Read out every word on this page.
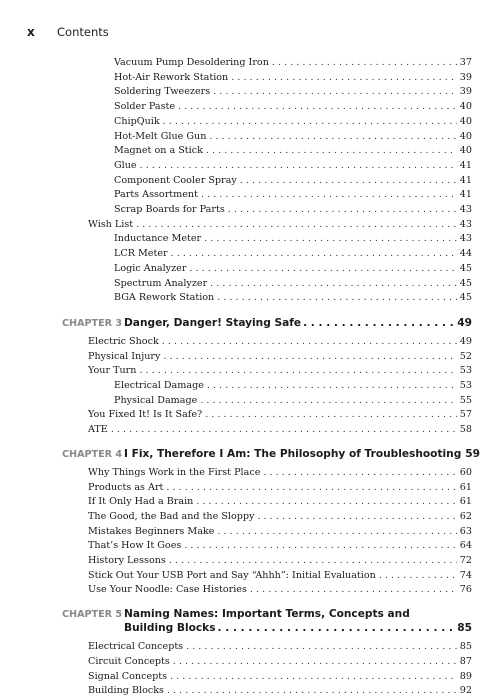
x	Contents
Vacuum Pump Desoldering Iron . . .	37
Hot-Air Rework Station . . .	39
Soldering Tweezers . . .	39
Solder Paste . . .	40
ChipQuik . . .	40
Hot-Melt Glue Gun . . .	40
Magnet on a Stick . . .	40
Glue . . .	41
Component Cooler Spray . . .	41
Parts Assortment . . .	41
Scrap Boards for Parts . . .	43
Wish List . . .	43
Inductance Meter . . .	43
LCR Meter . . .	44
Logic Analyzer . . .	45
Spectrum Analyzer . . .	45
BGA Rework Station . . .	45
CHAPTER 3 Danger, Danger! Staying Safe . . .	49
Electric Shock . . .	49
Physical Injury . . .	52
Your Turn . . .	53
Electrical Damage . . .	53
Physical Damage . . .	55
You Fixed It! Is It Safe? . . .	57
ATE . . .	58
CHAPTER 4 I Fix, Therefore I Am: The Philosophy of Troubleshooting 59
Why Things Work in the First Place . . .	60
Products as Art . . .	61
If It Only Had a Brain . . .	61
The Good, the Bad and the Sloppy . . .	62
Mistakes Beginners Make . . .	63
That’s How It Goes . . .	64
History Lessons . . .	72
Stick Out Your USB Port and Say “Ahhh”: Initial Evaluation . . .	74
Use Your Noodle: Case Histories . . .	76
CHAPTER 5 Naming Names: Important Terms, Concepts and
Building Blocks . . .	85
Electrical Concepts . . .	85
Circuit Concepts . . .	87
Signal Concepts . . .	89
Building Blocks . . .	92
